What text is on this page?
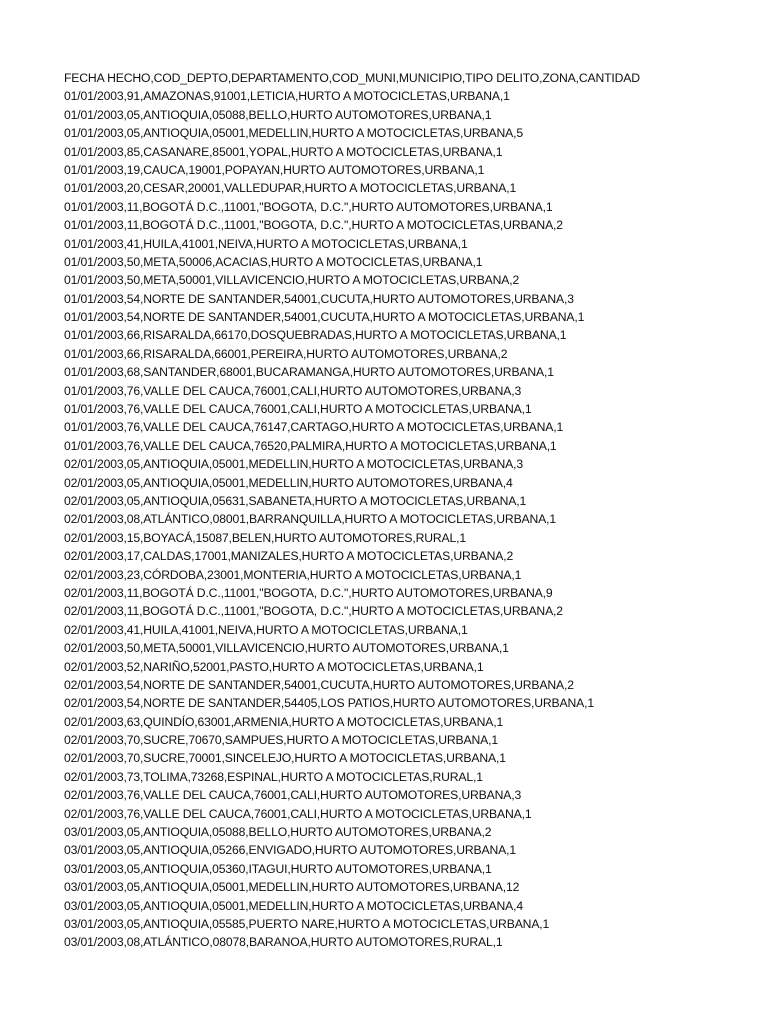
FECHA HECHO,COD_DEPTO,DEPARTAMENTO,COD_MUNI,MUNICIPIO,TIPO DELITO,ZONA,CANTIDAD
01/01/2003,91,AMAZONAS,91001,LETICIA,HURTO A MOTOCICLETAS,URBANA,1
01/01/2003,05,ANTIOQUIA,05088,BELLO,HURTO AUTOMOTORES,URBANA,1
01/01/2003,05,ANTIOQUIA,05001,MEDELLIN,HURTO A MOTOCICLETAS,URBANA,5
01/01/2003,85,CASANARE,85001,YOPAL,HURTO A MOTOCICLETAS,URBANA,1
01/01/2003,19,CAUCA,19001,POPAYAN,HURTO AUTOMOTORES,URBANA,1
01/01/2003,20,CESAR,20001,VALLEDUPAR,HURTO A MOTOCICLETAS,URBANA,1
01/01/2003,11,BOGOTÁ D.C.,11001,"BOGOTA, D.C.",HURTO AUTOMOTORES,URBANA,1
01/01/2003,11,BOGOTÁ D.C.,11001,"BOGOTA, D.C.",HURTO A MOTOCICLETAS,URBANA,2
01/01/2003,41,HUILA,41001,NEIVA,HURTO A MOTOCICLETAS,URBANA,1
01/01/2003,50,META,50006,ACACIAS,HURTO A MOTOCICLETAS,URBANA,1
01/01/2003,50,META,50001,VILLAVICENCIO,HURTO A MOTOCICLETAS,URBANA,2
01/01/2003,54,NORTE DE SANTANDER,54001,CUCUTA,HURTO AUTOMOTORES,URBANA,3
01/01/2003,54,NORTE DE SANTANDER,54001,CUCUTA,HURTO A MOTOCICLETAS,URBANA,1
01/01/2003,66,RISARALDA,66170,DOSQUEBRADAS,HURTO A MOTOCICLETAS,URBANA,1
01/01/2003,66,RISARALDA,66001,PEREIRA,HURTO AUTOMOTORES,URBANA,2
01/01/2003,68,SANTANDER,68001,BUCARAMANGA,HURTO AUTOMOTORES,URBANA,1
01/01/2003,76,VALLE DEL CAUCA,76001,CALI,HURTO AUTOMOTORES,URBANA,3
01/01/2003,76,VALLE DEL CAUCA,76001,CALI,HURTO A MOTOCICLETAS,URBANA,1
01/01/2003,76,VALLE DEL CAUCA,76147,CARTAGO,HURTO A MOTOCICLETAS,URBANA,1
01/01/2003,76,VALLE DEL CAUCA,76520,PALMIRA,HURTO A MOTOCICLETAS,URBANA,1
02/01/2003,05,ANTIOQUIA,05001,MEDELLIN,HURTO A MOTOCICLETAS,URBANA,3
02/01/2003,05,ANTIOQUIA,05001,MEDELLIN,HURTO AUTOMOTORES,URBANA,4
02/01/2003,05,ANTIOQUIA,05631,SABANETA,HURTO A MOTOCICLETAS,URBANA,1
02/01/2003,08,ATLÁNTICO,08001,BARRANQUILLA,HURTO A MOTOCICLETAS,URBANA,1
02/01/2003,15,BOYACÁ,15087,BELEN,HURTO AUTOMOTORES,RURAL,1
02/01/2003,17,CALDAS,17001,MANIZALES,HURTO A MOTOCICLETAS,URBANA,2
02/01/2003,23,CÓRDOBA,23001,MONTERIA,HURTO A MOTOCICLETAS,URBANA,1
02/01/2003,11,BOGOTÁ D.C.,11001,"BOGOTA, D.C.",HURTO AUTOMOTORES,URBANA,9
02/01/2003,11,BOGOTÁ D.C.,11001,"BOGOTA, D.C.",HURTO A MOTOCICLETAS,URBANA,2
02/01/2003,41,HUILA,41001,NEIVA,HURTO A MOTOCICLETAS,URBANA,1
02/01/2003,50,META,50001,VILLAVICENCIO,HURTO AUTOMOTORES,URBANA,1
02/01/2003,52,NARIÑO,52001,PASTO,HURTO A MOTOCICLETAS,URBANA,1
02/01/2003,54,NORTE DE SANTANDER,54001,CUCUTA,HURTO AUTOMOTORES,URBANA,2
02/01/2003,54,NORTE DE SANTANDER,54405,LOS PATIOS,HURTO AUTOMOTORES,URBANA,1
02/01/2003,63,QUINDÍO,63001,ARMENIA,HURTO A MOTOCICLETAS,URBANA,1
02/01/2003,70,SUCRE,70670,SAMPUES,HURTO A MOTOCICLETAS,URBANA,1
02/01/2003,70,SUCRE,70001,SINCELEJO,HURTO A MOTOCICLETAS,URBANA,1
02/01/2003,73,TOLIMA,73268,ESPINAL,HURTO A MOTOCICLETAS,RURAL,1
02/01/2003,76,VALLE DEL CAUCA,76001,CALI,HURTO AUTOMOTORES,URBANA,3
02/01/2003,76,VALLE DEL CAUCA,76001,CALI,HURTO A MOTOCICLETAS,URBANA,1
03/01/2003,05,ANTIOQUIA,05088,BELLO,HURTO AUTOMOTORES,URBANA,2
03/01/2003,05,ANTIOQUIA,05266,ENVIGADO,HURTO AUTOMOTORES,URBANA,1
03/01/2003,05,ANTIOQUIA,05360,ITAGUI,HURTO AUTOMOTORES,URBANA,1
03/01/2003,05,ANTIOQUIA,05001,MEDELLIN,HURTO AUTOMOTORES,URBANA,12
03/01/2003,05,ANTIOQUIA,05001,MEDELLIN,HURTO A MOTOCICLETAS,URBANA,4
03/01/2003,05,ANTIOQUIA,05585,PUERTO NARE,HURTO A MOTOCICLETAS,URBANA,1
03/01/2003,08,ATLÁNTICO,08078,BARANOA,HURTO AUTOMOTORES,RURAL,1
